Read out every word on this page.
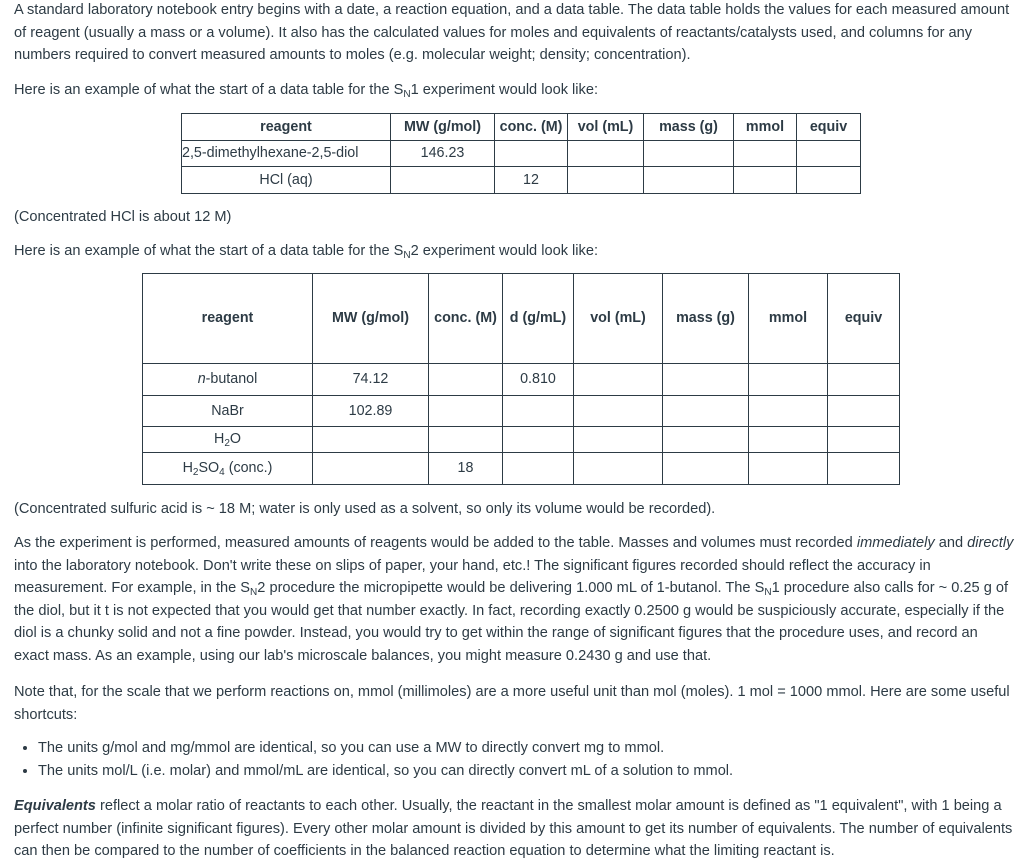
A standard laboratory notebook entry begins with a date, a reaction equation, and a data table. The data table holds the values for each measured amount of reagent (usually a mass or a volume). It also has the calculated values for moles and equivalents of reactants/catalysts used, and columns for any numbers required to convert measured amounts to moles (e.g. molecular weight; density; concentration).

Here is an example of what the start of a data table for the $S_N1$ experiment would look like:

reagent	MW (g/mol)	conc. (M)	vol (mL)	mass (g)	mmol	equiv
2,5-dimethylhexane-2,5-diol	146.23					
HCl (aq)		12				

(Concentrated HCl is about 12 M)

Here is an example of what the start of a data table for the $S_N2$ experiment would look like:

reagent	MW (g/mol)	conc. (M)	d (g/mL)	vol (mL)	mass (g)	mmol	equiv
n-butanol	74.12		0.810				
NaBr	102.89						
$H_2O$							
$H_2SO_4$ (conc.)		18					

(Concentrated sulfuric acid is ~ 18 M; water is only used as a solvent, so only its volume would be recorded).

As the experiment is performed, measured amounts of reagents would be added to the table. Masses and volumes must recorded immediately and directly into the laboratory notebook. Don't write these on slips of paper, your hand, etc.! The significant figures recorded should reflect the accuracy in measurement. For example, in the $S_N2$ procedure the micropipette would be delivering 1.000 mL of 1-butanol. The $S_N1$ procedure also calls for ~ 0.25 g of the diol, but it t is not expected that you would get that number exactly. In fact, recording exactly 0.2500 g would be suspiciously accurate, especially if the diol is a chunky solid and not a fine powder. Instead, you would try to get within the range of significant figures that the procedure uses, and record an exact mass. As an example, using our lab's microscale balances, you might measure 0.2430 g and use that.

Note that, for the scale that we perform reactions on, mmol (millimoles) are a more useful unit than mol (moles). 1 mol = 1000 mmol. Here are some useful shortcuts:

• The units g/mol and mg/mmol are identical, so you can use a MW to directly convert mg to mmol.
• The units mol/L (i.e. molar) and mmol/mL are identical, so you can directly convert mL of a solution to mmol.

Equivalents reflect a molar ratio of reactants to each other. Usually, the reactant in the smallest molar amount is defined as "1 equivalent", with 1 being a perfect number (infinite significant figures). Every other molar amount is divided by this amount to get its number of equivalents. The number of equivalents can then be compared to the number of coefficients in the balanced reaction equation to determine what the limiting reactant is.
